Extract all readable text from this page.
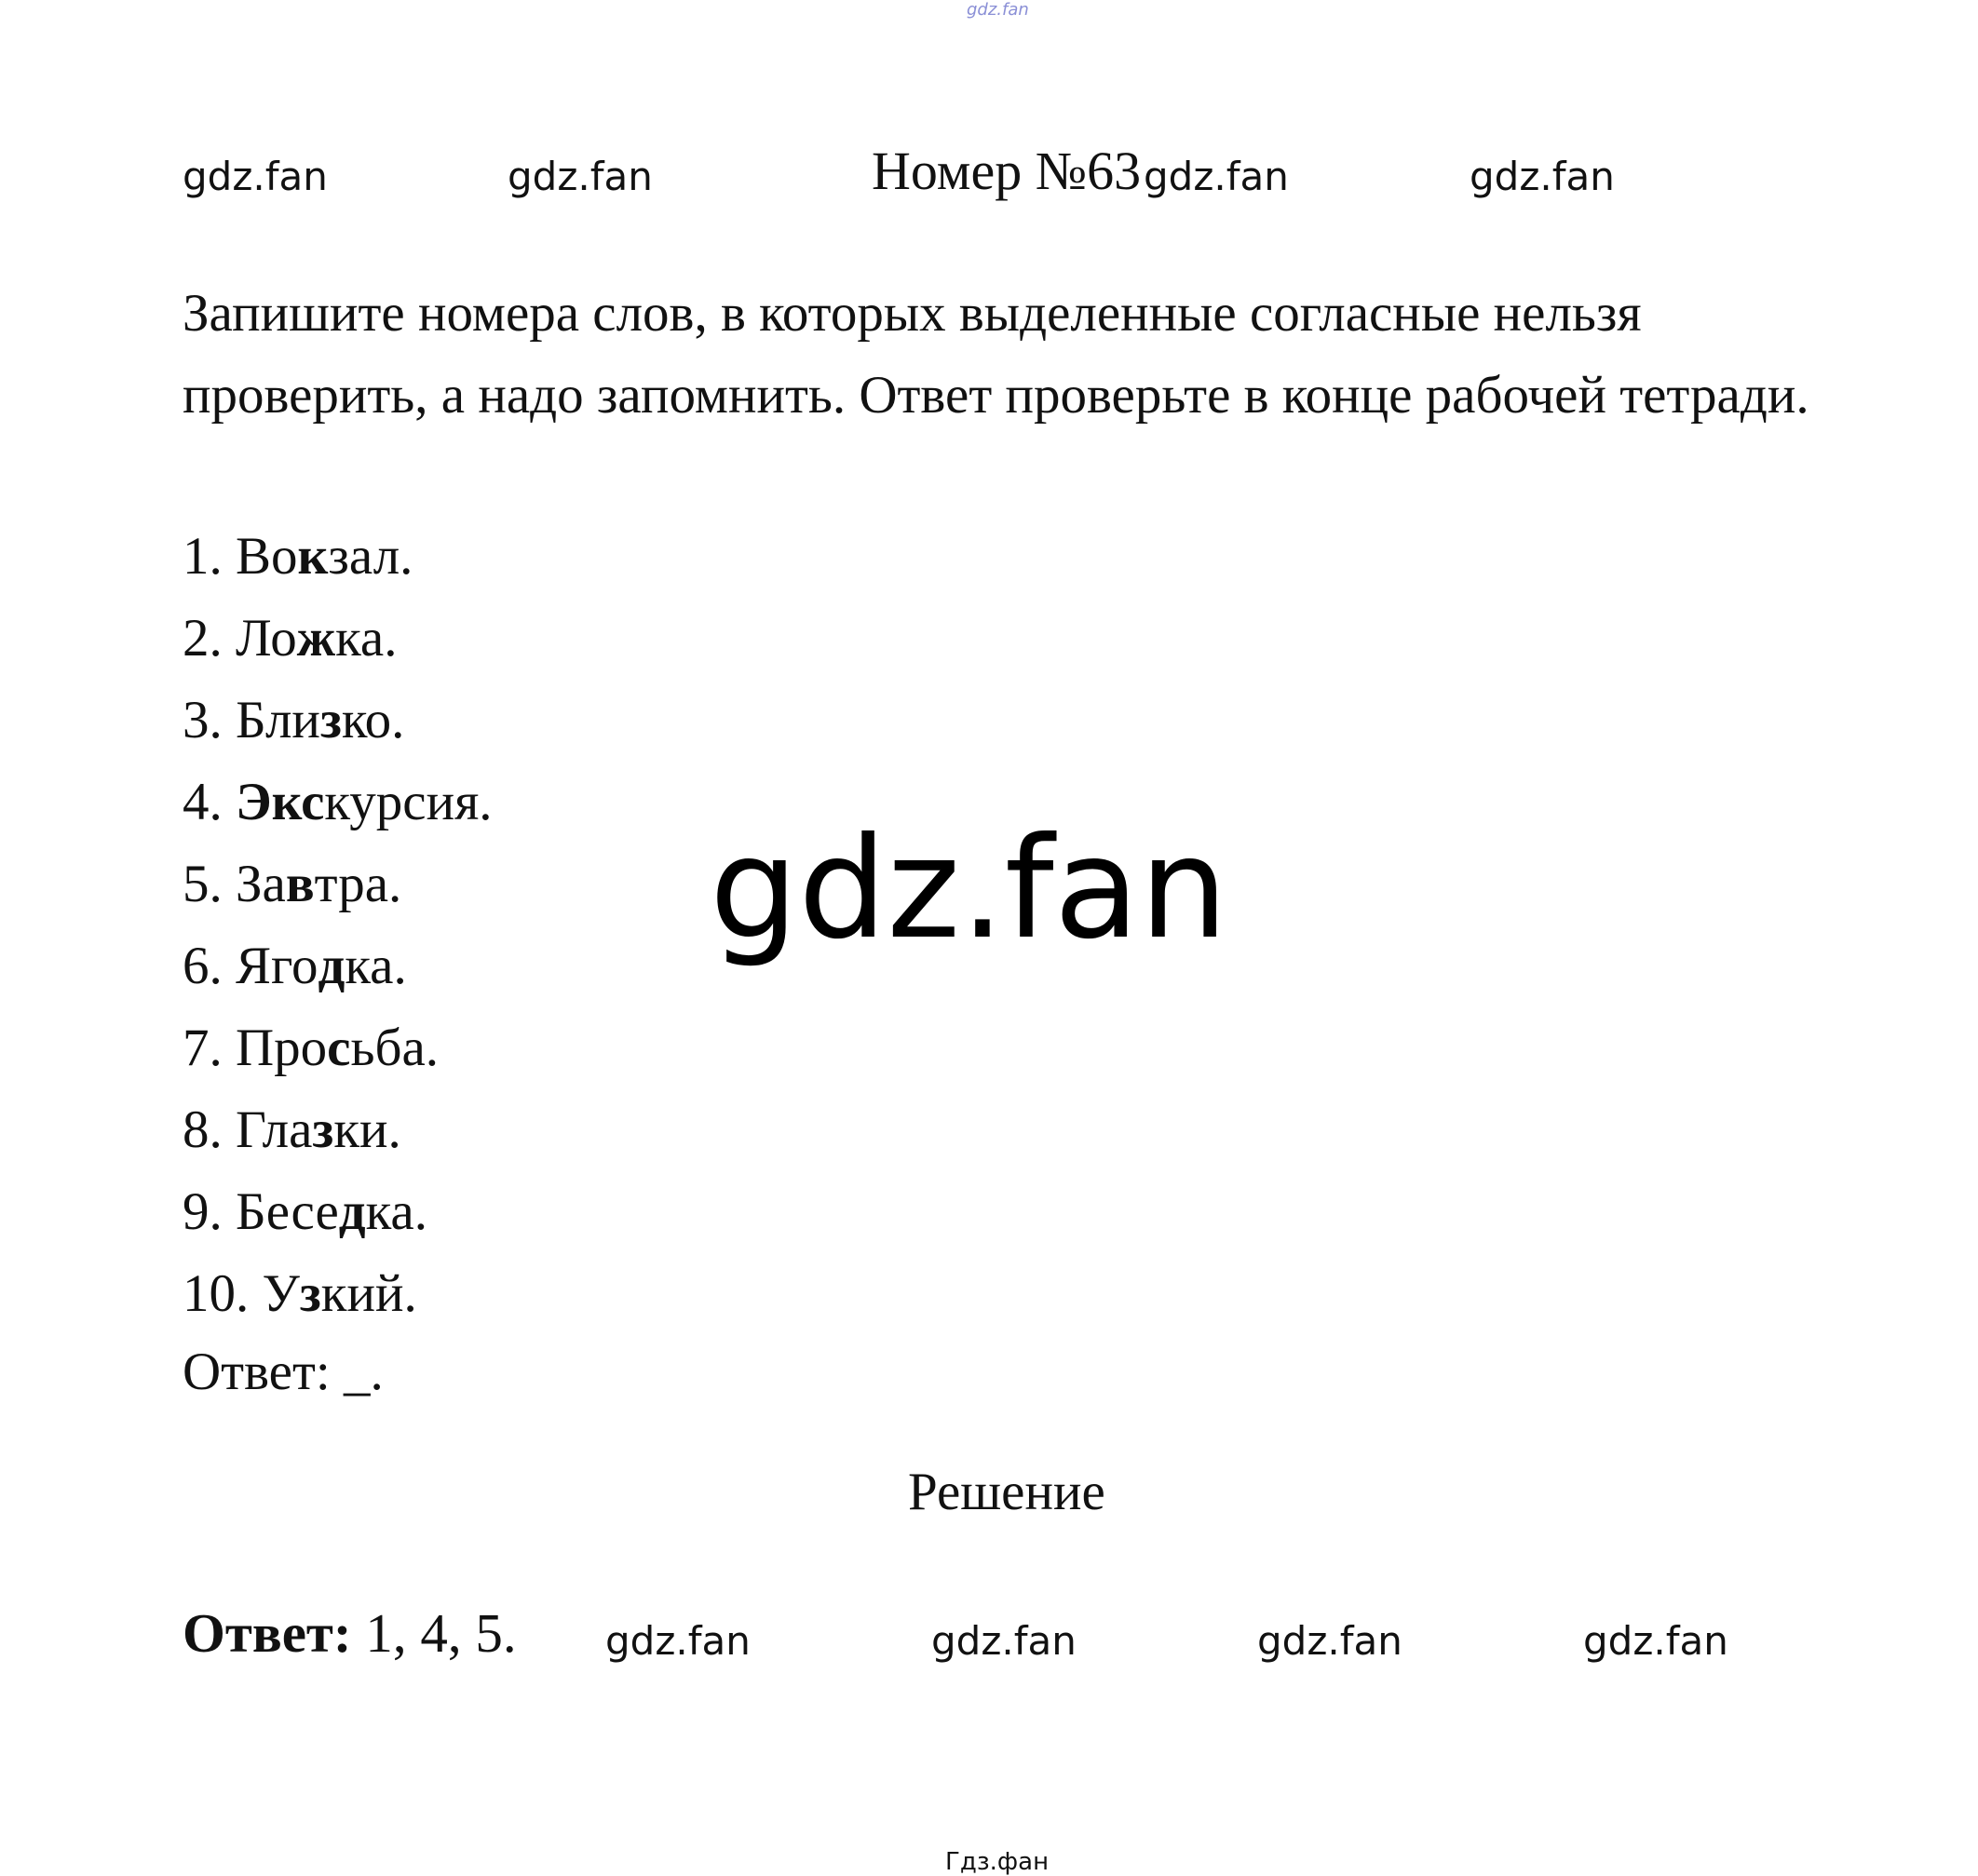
gdz.fan
gdz.fan	gdz.fan	Номер №63 gdz.fan	gdz.fan
Запишите номера слов, в которых выделенные согласные нельзя проверить, а надо запомнить. Ответ проверьте в конце рабочей тетради.
1. Вокзал.
2. Ложка.
3. Близко.
4. Экскурсия.
5. Завтра.
6. Ягодка.
7. Просьба.
8. Глазки.
9. Беседка.
10. Узкий.
Ответ: _.
gdz.fan
Решение
Ответ: 1, 4, 5. gdz.fan	gdz.fan	gdz.fan	gdz.fan
Гдз.фан
